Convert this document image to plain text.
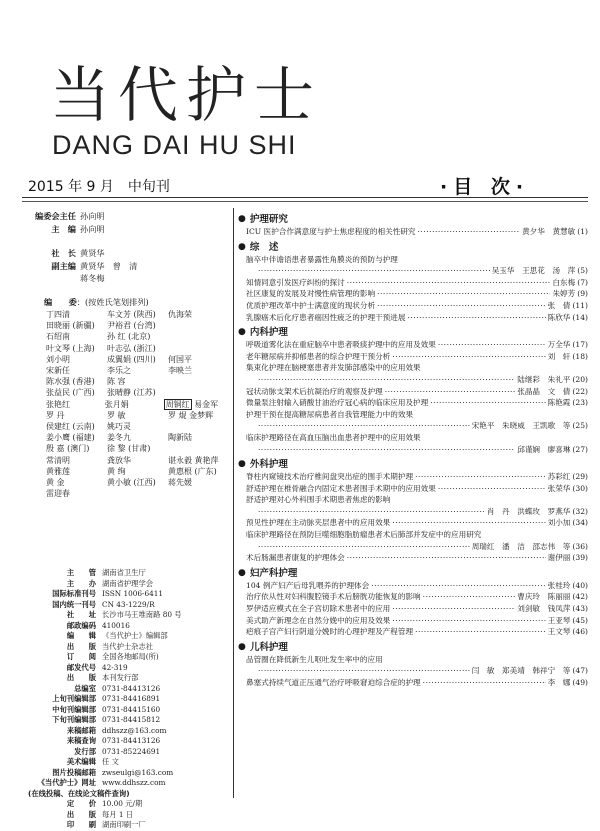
当代护士
DANG DAI HU SHI
2015 年 9 月　中旬刊	·目 次·
编委会主任 孙向明
主　编 孙向明
社　长 黄贤华
副主编 黄贤华　曾　清
蒋冬梅
编　　委：(按姓氏笔划排列)
丁四清	车文芳 (陕西)	仇海荣
田晓丽 (新疆)	尹裕君 (台湾)
石绍南	孙 红 (北京)
叶文琴 (上海)	叶志弘 (浙江)
刘小明	成翼娟 (四川)	何国平
宋新任	李乐之	李映兰
陈水强 (香港)	陈 容
张益民 (广西)	张晴静 (江苏)
张艳红	张月娟	周铜红 易金军
罗 丹	罗 敏	罗 焜 金梦辉
侯建红 (云南)	姚巧灵
姜小鹰 (福建)	姜冬九	陶新陆
殷 嘉 (澳门)	徐 黎 (甘肃)
常清明	龚放华	谌永毅 黄艳萍
黄雅莲	黄 绚	黄惠根 (广东)
黄 金	黄小敏 (江西)	蒋先媛
雷迎春
主　　管 湖南省卫生厅
主　　办 湖南省护理学会
国际标准刊号 ISSN 1006-6411
国内统一刊号 CN 43-1229/R
社　　址 长沙市马王堆南路 80 号
邮政编码 410016
编　　辑 《当代护士》编辑部
出　　版 当代护士杂志社
订　　阅 全国各地邮局(所)
邮发代号 42-319
出　　版 本刊发行部
总编室 0731-84413126
上旬刊编辑部 0731-84416891
中旬刊编辑部 0731-84415160
下旬刊编辑部 0731-84415812
来稿邮箱 ddhszz@163.com
来稿查询 0731-84413126
发行部 0731-85224691
美术编辑 任 文
图片投稿邮箱 zwseulgi@163.com
《当代护士》网址 www.ddhszz.com
(在线投稿、在线论文稿件查询)
定　　价 10.00 元/期
出　　版 每月 1 日
印　　刷 湖南印刷一厂
● 护理研究
ICU 医护合作满意度与护士焦虑程度的相关性研究 ·····	黄夕华　黄慧敏 (1)
● 综　述
脑卒中伴谵语患者暴露性角膜炎的预防与护理
·····
吴玉华　王思花　汤　萍 (5)
知情同意引发医疗纠纷的探讨 ·····	白东梅 (7)
社区康复的发展及对慢性病管理的影响 ·····	朱婷芳 (9)
优质护理改革中护士满意度的现状分析 ·····	张　倩 (11)
乳腺癌术后化疗患者癌因性疲乏的护理干预进展 ·····	陈欣华 (14)
● 内科护理
呼吸道雾化法在重症脑卒中患者吸痰护理中的应用及效果 ·····	万全华 (17)
老年糖尿病并抑郁患者的综合护理干预分析 ·····	刘　轩 (18)
集束化护理在脑梗塞患者并发肺部感染中的应用效果
·····
陆继彩　朱礼平 (20)
冠状动脉支架术后抗凝治疗的观察及护理 ·····	张晶晶　文　倩 (22)
微量泵注射输入硝酸甘油治疗冠心病的临床应用及护理 ·····	陈艳霞 (23)
护理干预在提高糖尿病患者自我管理能力中的效果
·····
宋艳平　朱晓威　王凯歌　等 (25)
临床护理路径在高血压脑出血患者护理中的应用效果
·····
邱谨娴　廖喜琳 (27)
● 外科护理
脊柱内窥镜技术治疗椎间盘突出症的围手术期护理 ·····	苏彩红 (29)
舒适护理在椎骨融合内固定术患者围手术期中的应用效果 ·····	张荣华 (30)
舒适护理对心外科围手术期患者焦虑的影响
·····
肖　丹　洪蝶玫　罗燕华 (32)
预见性护理在主动脉夹层患者中的应用效果 ·····	刘小加 (34)
临床护理路径在预防巨噬细胞脂肪瘤患者术后肺部并发症中的应用研究
·····
周瑞红　潘　洁　邵志伟　等 (36)
术后肠漏患者康复的护理体会 ·····	谢伊丽 (39)
● 妇产科护理
104 例产妇产后母乳喂养的护理体会 ·····	张桂玲 (40)
治疗依从性对妇科腹腔镜手术后膀胱功能恢复的影响 ·····	曹庆玲　陈丽丽 (42)
罗伊适应模式在全子宫切除术患者中的应用 ·····	刘剑敏　钱凤萍 (43)
美式助产新理念在自然分娩中的应用及效果 ·····	王亚琴 (45)
疤痕子宫产妇行阴道分娩时的心理护理及产程管理 ·····	王文琴 (46)
● 儿科护理
品管圈在降低新生儿呕吐发生率中的应用
·····
闫　敏　郑美靖　韩祥宁　等 (47)
鼻塞式持续气道正压通气治疗呼吸窘迫综合症的护理 ·····	李　娜 (49)
